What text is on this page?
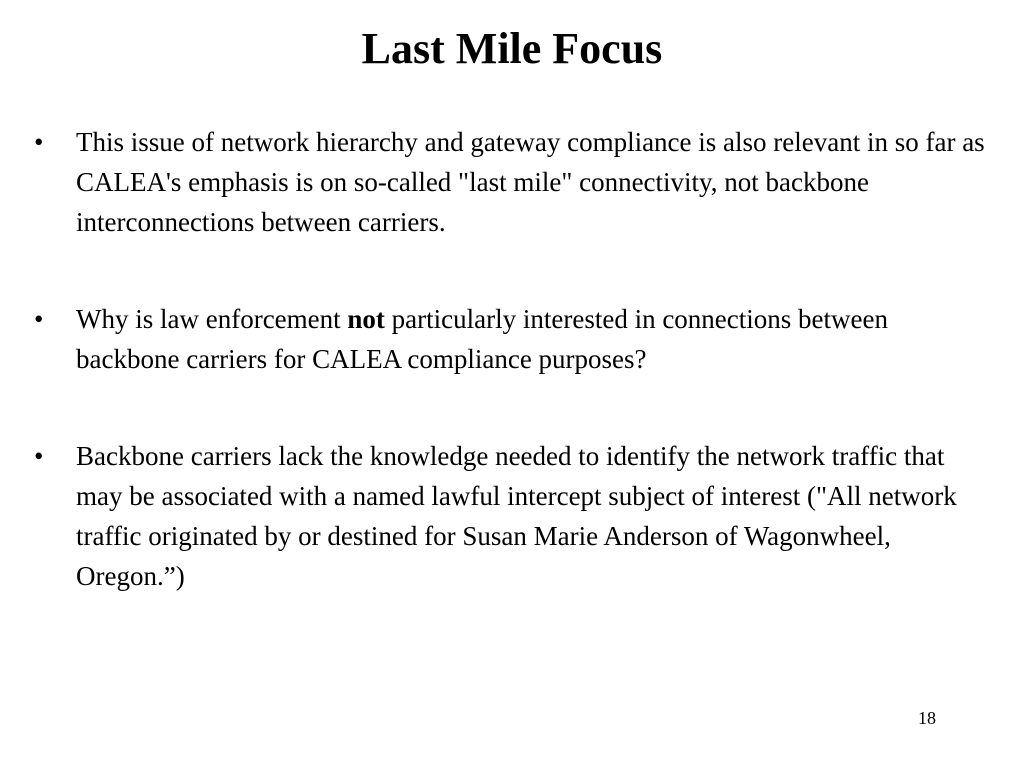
Last Mile Focus
•	This issue of network hierarchy and gateway compliance is also relevant in so far as CALEA's emphasis is on so-called "last mile" connectivity, not backbone interconnections between carriers.
•	Why is law enforcement not particularly interested in connections between backbone carriers for CALEA compliance purposes?
•	Backbone carriers lack the knowledge needed to identify the network traffic that may be associated with a named lawful intercept subject of interest ("All network traffic originated by or destined for Susan Marie Anderson of Wagonwheel, Oregon.”)
18
